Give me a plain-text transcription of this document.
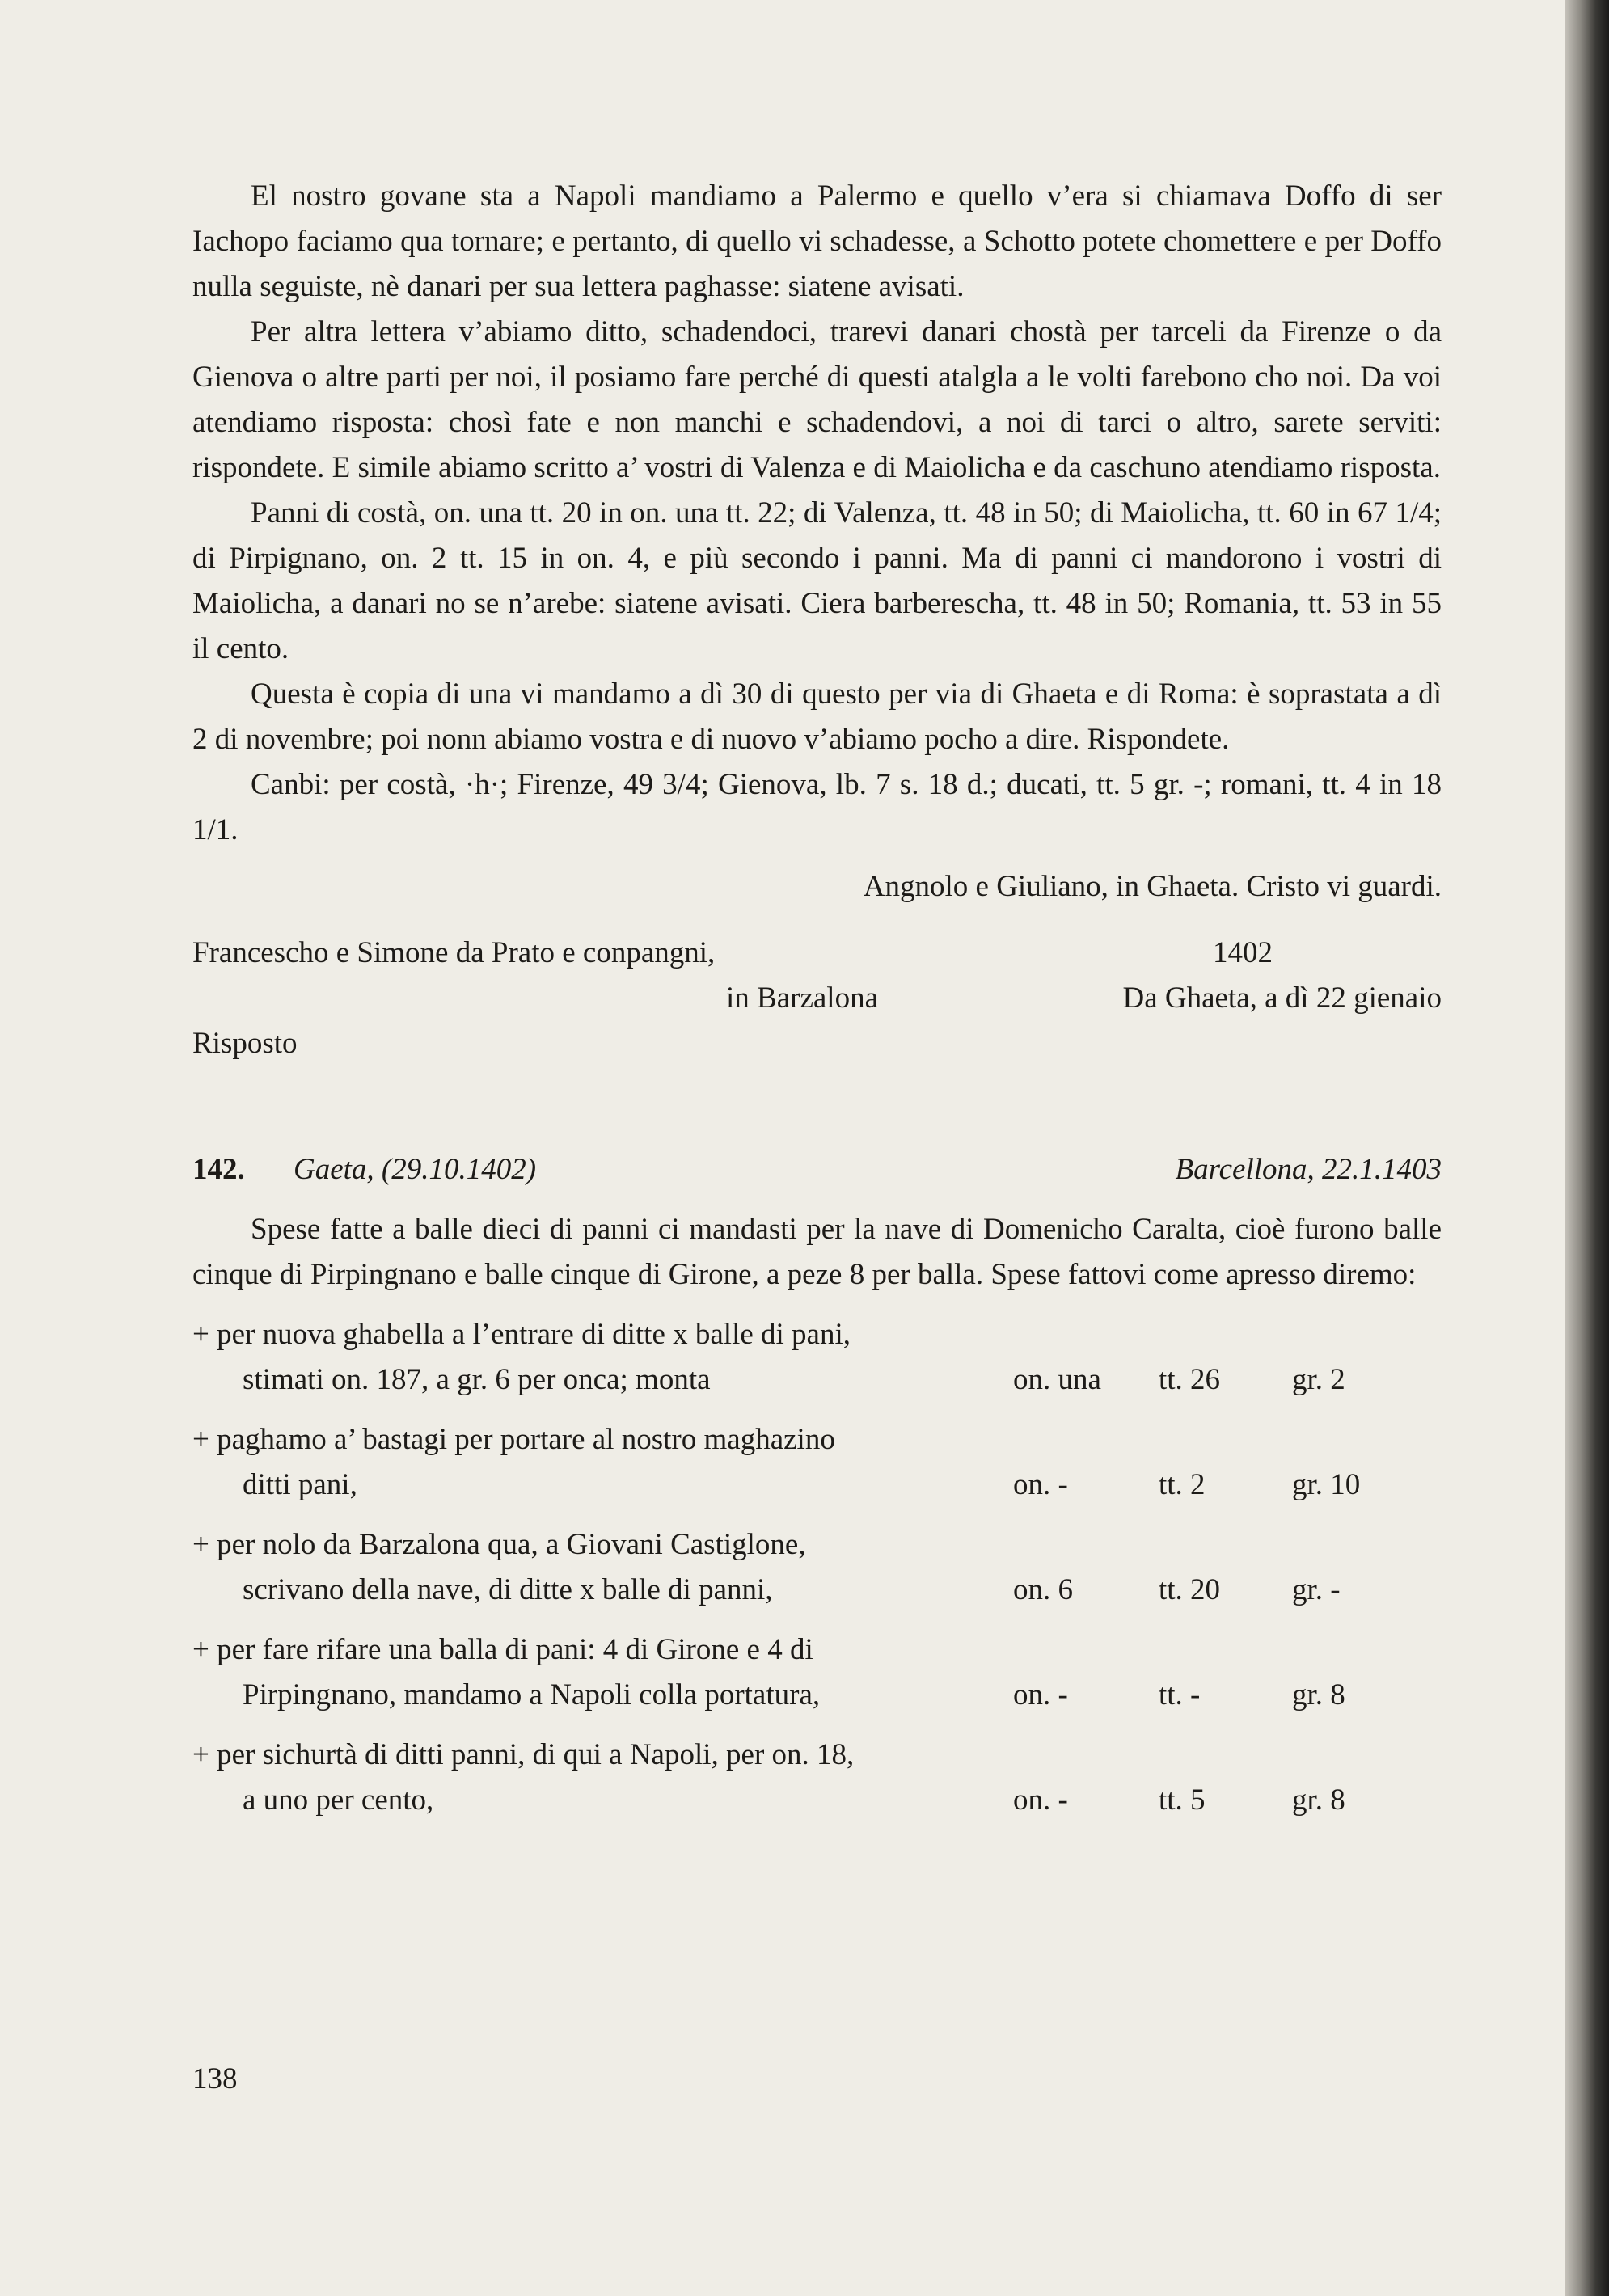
El nostro govane sta a Napoli mandiamo a Palermo e quello v’era si chiamava Doffo di ser Iachopo faciamo qua tornare; e pertanto, di quello vi schadesse, a Schotto potete chomettere e per Doffo nulla seguiste, nè danari per sua lettera paghasse: siatene avisati.

Per altra lettera v’abiamo ditto, schadendoci, trarevi danari chostà per tarceli da Firenze o da Gienova o altre parti per noi, il posiamo fare perché di questi atalgla a le volti farebono cho noi. Da voi atendiamo risposta: chosì fate e non manchi e schadendovi, a noi di tarci o altro, sarete serviti: rispondete. E simile abiamo scritto a’ vostri di Valenza e di Maiolicha e da caschuno atendiamo risposta.

Panni di costà, on. una tt. 20 in on. una tt. 22; di Valenza, tt. 48 in 50; di Maiolicha, tt. 60 in 67 1/4; di Pirpignano, on. 2 tt. 15 in on. 4, e più secondo i panni. Ma di panni ci mandorono i vostri di Maiolicha, a danari no se n’arebe: siatene avisati. Ciera barberescha, tt. 48 in 50; Romania, tt. 53 in 55 il cento.

Questa è copia di una vi mandamo a dì 30 di questo per via di Ghaeta e di Roma: è soprastata a dì 2 di novembre; poi nonn abiamo vostra e di nuovo v’abiamo pocho a dire. Rispondete.

Canbi: per costà, ·h·; Firenze, 49 3/4; Gienova, lb. 7 s. 18 d.; ducati, tt. 5 gr. -; romani, tt. 4 in 18 1/1.

Angnolo e Giuliano, in Ghaeta. Cristo vi guardi.
Francescho e Simone da Prato e conpangni,	1402
in Barzalona	Da Ghaeta, a dì 22 gienaio
Risposto
142. Gaeta, (29.10.1402)	Barcellona, 22.1.1403

Spese fatte a balle dieci di panni ci mandasti per la nave di Domenicho Caralta, cioè furono balle cinque di Pirpingnano e balle cinque di Girone, a peze 8 per balla. Spese fattovi come apresso diremo:

+ per nuova ghabella a l’entrare di ditte x balle di pani,
stimati on. 187, a gr. 6 per onca; monta	on. una tt. 26 gr. 2
+ paghamo a’ bastagi per portare al nostro maghazino
ditti pani,	on. -	tt. 2	gr. 10
+ per nolo da Barzalona qua, a Giovani Castiglone,
scrivano della nave, di ditte x balle di panni,	on. 6	tt. 20 gr. -
+ per fare rifare una balla di pani: 4 di Girone e 4 di
Pirpingnano, mandamo a Napoli colla portatura,	on. -	tt. -	gr. 8
+ per sichurtà di ditti panni, di qui a Napoli, per on. 18,
a uno per cento,	on. -	tt. 5	gr. 8
138
